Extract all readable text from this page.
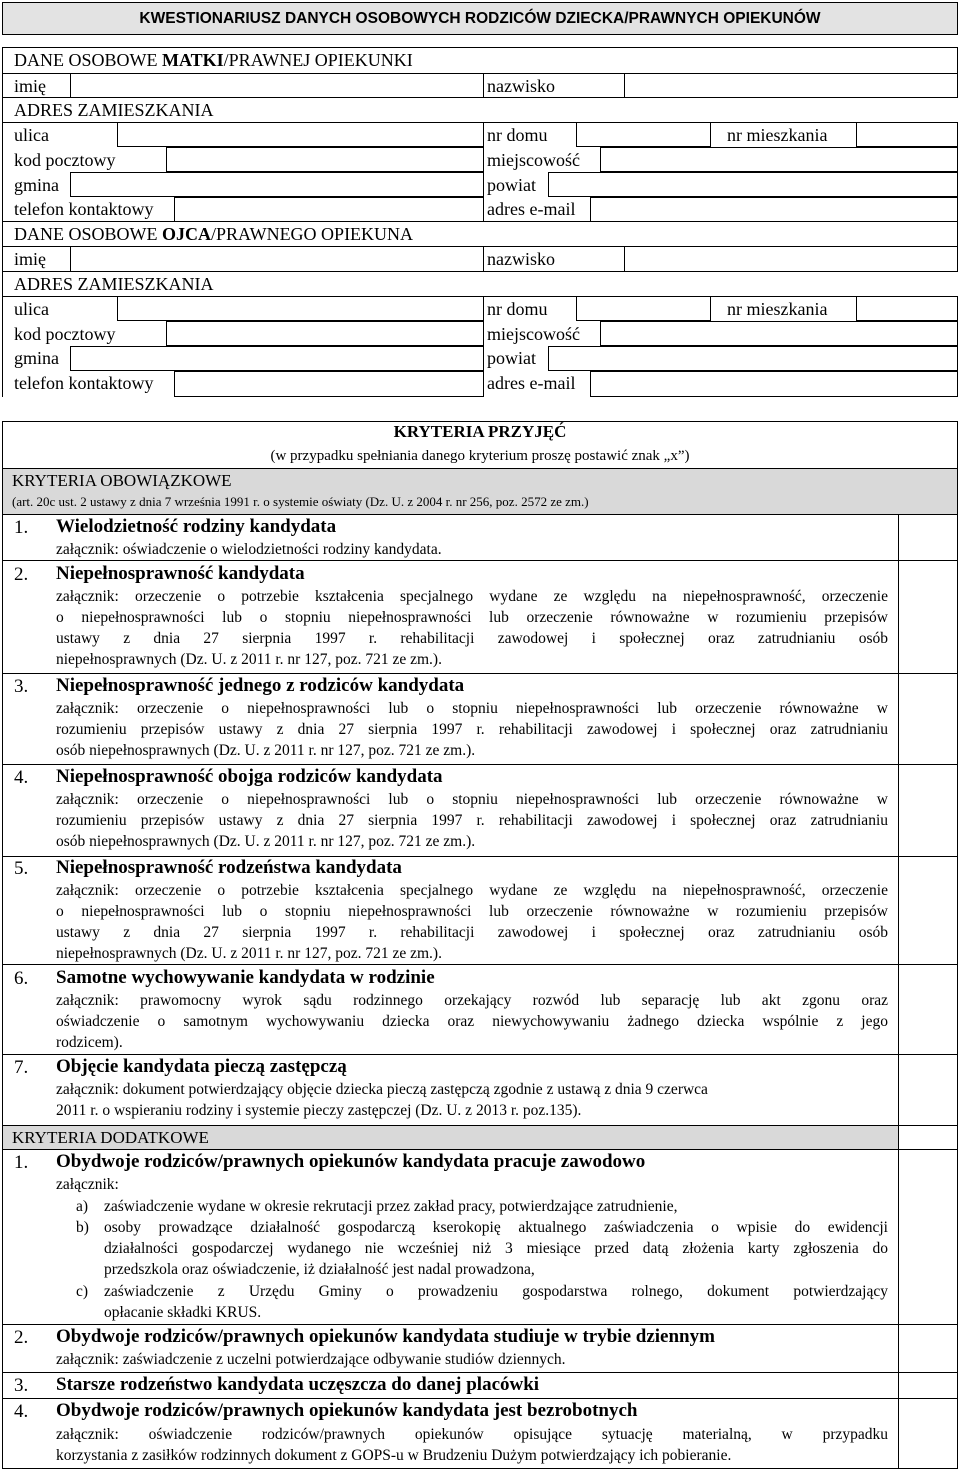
KWESTIONARIUSZ DANYCH OSOBOWYCH RODZICÓW DZIECKA/PRAWNYCH OPIEKUNÓW
DANE OSOBOWE MATKI/PRAWNEJ OPIEKUNKI
imię	nazwisko
ADRES ZAMIESZKANIA
ulica	nr domu	nr mieszkania
kod pocztowy	miejscowość
gmina	powiat
telefon kontaktowy	adres e-mail
DANE OSOBOWE OJCA/PRAWNEGO OPIEKUNA
imię	nazwisko
ADRES ZAMIESZKANIA
ulica	nr domu	nr mieszkania
kod pocztowy	miejscowość
gmina	powiat
telefon kontaktowy	adres e-mail
KRYTERIA PRZYJĘĆ
(w przypadku spełniania danego kryterium proszę postawić znak „x”)
KRYTERIA OBOWIĄZKOWE
(art. 20c ust. 2 ustawy z dnia 7 września 1991 r. o systemie oświaty (Dz. U. z 2004 r. nr 256, poz. 2572 ze zm.)
1. Wielodzietność rodziny kandydata
załącznik: oświadczenie o wielodzietności rodziny kandydata.
2. Niepełnosprawność kandydata
załącznik: orzeczenie o potrzebie kształcenia specjalnego wydane ze względu na niepełnosprawność, orzeczenie
o niepełnosprawności lub o stopniu niepełnosprawności lub orzeczenie równoważne w rozumieniu przepisów
ustawy z dnia 27 sierpnia 1997 r. rehabilitacji zawodowej i społecznej oraz zatrudnianiu osób
niepełnosprawnych (Dz. U. z 2011 r. nr 127, poz. 721 ze zm.).
3. Niepełnosprawność jednego z rodziców kandydata
załącznik: orzeczenie o niepełnosprawności lub o stopniu niepełnosprawności lub orzeczenie równoważne w
rozumieniu przepisów ustawy z dnia 27 sierpnia 1997 r. rehabilitacji zawodowej i społecznej oraz zatrudnianiu
osób niepełnosprawnych (Dz. U. z 2011 r. nr 127, poz. 721 ze zm.).
4. Niepełnosprawność obojga rodziców kandydata
załącznik: orzeczenie o niepełnosprawności lub o stopniu niepełnosprawności lub orzeczenie równoważne w
rozumieniu przepisów ustawy z dnia 27 sierpnia 1997 r. rehabilitacji zawodowej i społecznej oraz zatrudnianiu
osób niepełnosprawnych (Dz. U. z 2011 r. nr 127, poz. 721 ze zm.).
5. Niepełnosprawność rodzeństwa kandydata
załącznik: orzeczenie o potrzebie kształcenia specjalnego wydane ze względu na niepełnosprawność, orzeczenie
o niepełnosprawności lub o stopniu niepełnosprawności lub orzeczenie równoważne w rozumieniu przepisów
ustawy z dnia 27 sierpnia 1997 r. rehabilitacji zawodowej i społecznej oraz zatrudnianiu osób
niepełnosprawnych (Dz. U. z 2011 r. nr 127, poz. 721 ze zm.).
6. Samotne wychowywanie kandydata w rodzinie
załącznik: prawomocny wyrok sądu rodzinnego orzekający rozwód lub separację lub akt zgonu oraz
oświadczenie o samotnym wychowywaniu dziecka oraz niewychowywaniu żadnego dziecka wspólnie z jego
rodzicem).
7. Objęcie kandydata pieczą zastępczą
załącznik: dokument potwierdzający objęcie dziecka pieczą zastępczą zgodnie z ustawą z dnia 9 czerwca
2011 r. o wspieraniu rodziny i systemie pieczy zastępczej (Dz. U. z 2013 r. poz.135).
KRYTERIA DODATKOWE
1. Obydwoje rodziców/prawnych opiekunów kandydata pracuje zawodowo
załącznik:
a) zaświadczenie wydane w okresie rekrutacji przez zakład pracy, potwierdzające zatrudnienie,
b) osoby prowadzące działalność gospodarczą kserokopię aktualnego zaświadczenia o wpisie do ewidencji
działalności gospodarczej wydanego nie wcześniej niż 3 miesiące przed datą złożenia karty zgłoszenia do
przedszkola oraz oświadczenie, iż działalność jest nadal prowadzona,
c) zaświadczenie z Urzędu Gminy o prowadzeniu gospodarstwa rolnego, dokument potwierdzający
opłacanie składki KRUS.
2. Obydwoje rodziców/prawnych opiekunów kandydata studiuje w trybie dziennym
załącznik: zaświadczenie z uczelni potwierdzające odbywanie studiów dziennych.
3. Starsze rodzeństwo kandydata uczęszcza do danej placówki
4. Obydwoje rodziców/prawnych opiekunów kandydata jest bezrobotnych
załącznik: oświadczenie rodziców/prawnych opiekunów opisujące sytuację materialną, w przypadku
korzystania z zasiłków rodzinnych dokument z GOPS-u w Brudzeniu Dużym potwierdzający ich pobieranie.
